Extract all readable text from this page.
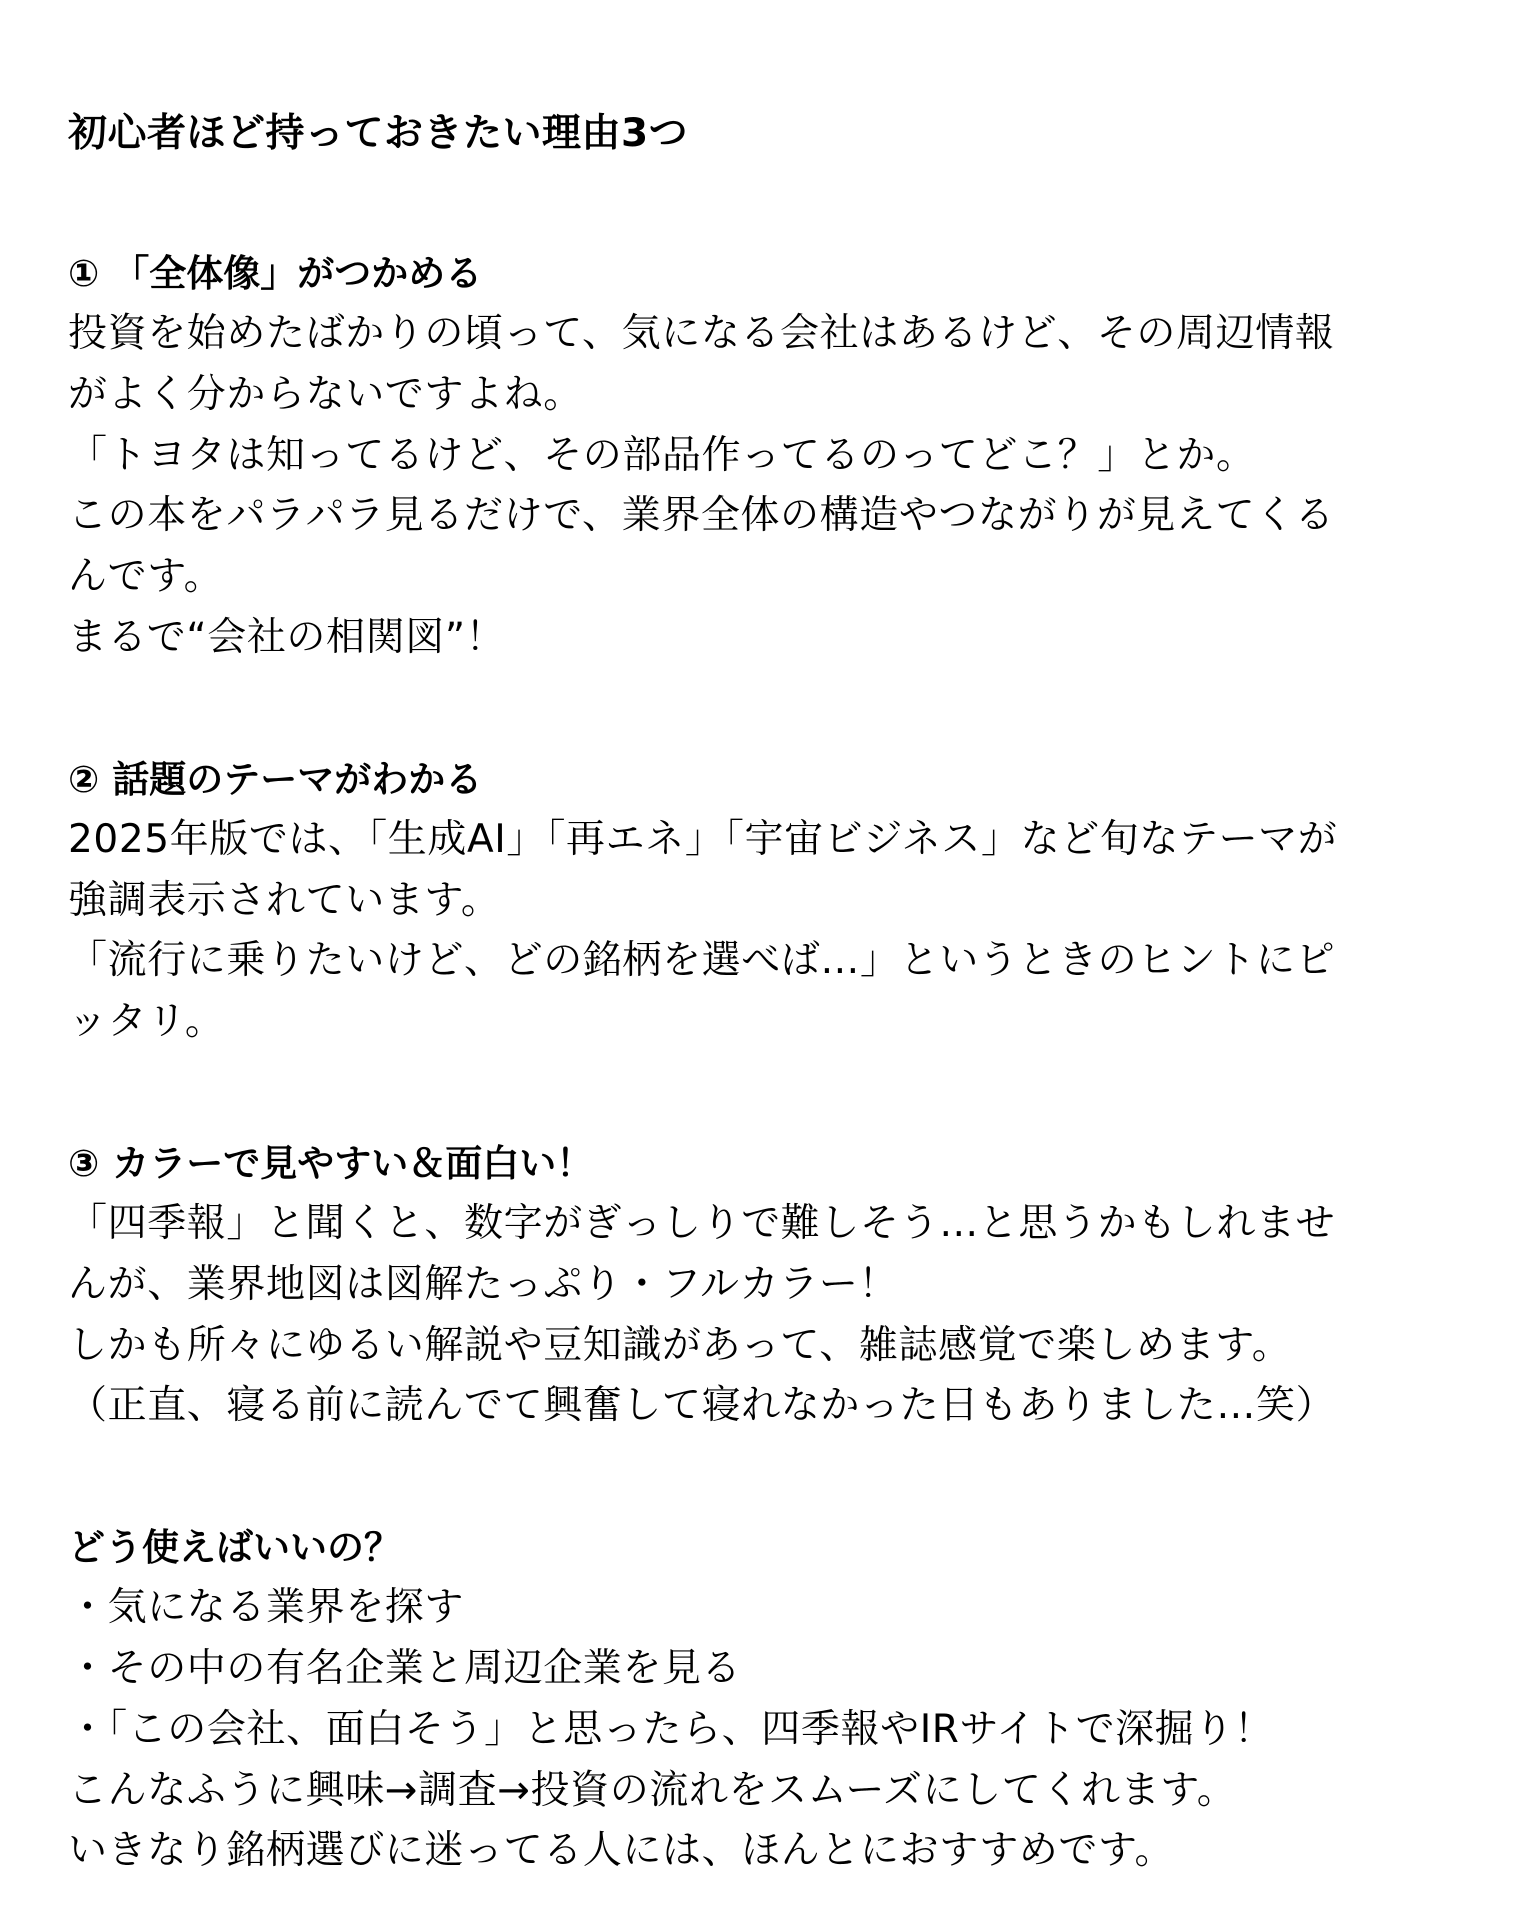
初心者ほど持っておきたい理由3つ
① 「全体像」がつかめる

投資を始めたばかりの頃って、気になる会社はあるけど、その周辺情報

がよく分からないですよね。

「トヨタは知ってるけど、その部品作ってるのってどこ？」とか。

この本をパラパラ見るだけで、業界全体の構造やつながりが見えてくる

んです。

まるで“会社の相関図”！

② 話題のテーマがわかる

2025年版では、「生成AI」「再エネ」「宇宙ビジネス」など旬なテーマが

強調表示されています。

「流行に乗りたいけど、どの銘柄を選べば…」というときのヒントにピ

ッタリ。

③ カラーで見やすい＆面白い！

「四季報」と聞くと、数字がぎっしりで難しそう…と思うかもしれませ

んが、業界地図は図解たっぷり・フルカラー！

しかも所々にゆるい解説や豆知識があって、雑誌感覚で楽しめます。

（正直、寝る前に読んでて興奮して寝れなかった日もありました…笑）

どう使えばいいの？

・気になる業界を探す

・その中の有名企業と周辺企業を見る

・「この会社、面白そう」と思ったら、四季報やIRサイトで深掘り！

こんなふうに興味→調査→投資の流れをスムーズにしてくれます。

いきなり銘柄選びに迷ってる人には、ほんとにおすすめです。
